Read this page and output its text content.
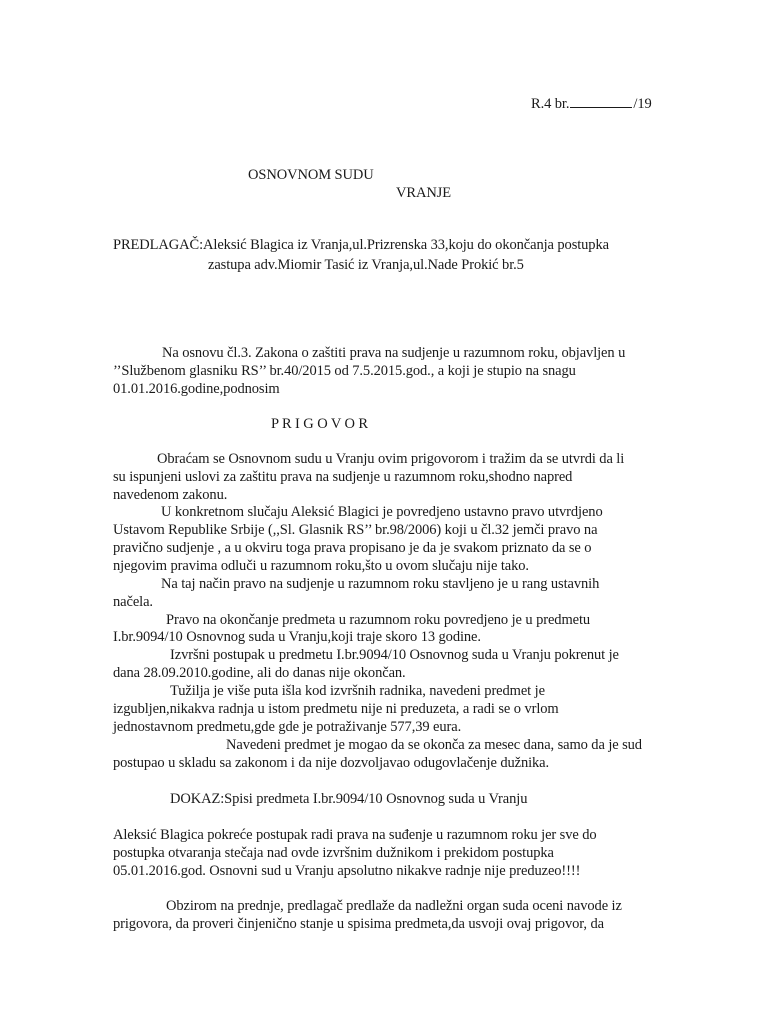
R.4 br.	/19
OSNOVNOM SUDU
VRANJE
PREDLAGAČ:Aleksić Blagica iz Vranja,ul.Prizrenska 33,koju do okončanja postupka
zastupa adv.Miomir Tasić iz Vranja,ul.Nade Prokić br.5
Na osnovu čl.3. Zakona o zaštiti prava na sudjenje u razumnom roku, objavljen u
’’Službenom glasniku RS’’ br.40/2015 od 7.5.2015.god., a koji je stupio na snagu
01.01.2016.godine,podnosim
P R I G O V O R
Obraćam se Osnovnom sudu u Vranju ovim prigovorom i tražim da se utvrdi da li
su ispunjeni uslovi za zaštitu prava na sudjenje u razumnom roku,shodno napred
navedenom zakonu.
U konkretnom slučaju Aleksić Blagici je povredjeno ustavno pravo utvrdjeno
Ustavom Republike Srbije (,,Sl. Glasnik RS’’ br.98/2006) koji u čl.32 jemči pravo na
pravično sudjenje , a u okviru toga prava propisano je da je svakom priznato da se o
njegovim pravima odluči u razumnom roku,što u ovom slučaju nije tako.
Na taj način pravo na sudjenje u razumnom roku stavljeno je u rang ustavnih
načela.
Pravo na okončanje predmeta u razumnom roku povredjeno je u predmetu
I.br.9094/10 Osnovnog suda u Vranju,koji traje skoro 13 godine.
Izvršni postupak u predmetu I.br.9094/10 Osnovnog suda u Vranju pokrenut je
dana 28.09.2010.godine, ali do danas nije okončan.
Tužilja je više puta išla kod izvršnih radnika, navedeni predmet je
izgubljen,nikakva radnja u istom predmetu nije ni preduzeta, a radi se o vrlom
jednostavnom predmetu,gde gde je potraživanje 577,39 eura.
Navedeni predmet je mogao da se okonča za mesec dana, samo da je sud
postupao u skladu sa zakonom i da nije dozvoljavao odugovlačenje dužnika.
DOKAZ:Spisi predmeta I.br.9094/10 Osnovnog suda u Vranju
Aleksić Blagica pokreće postupak radi prava na suđenje u razumnom roku jer sve do
postupka otvaranja stečaja nad ovde izvršnim dužnikom i prekidom postupka
05.01.2016.god. Osnovni sud u Vranju apsolutno nikakve radnje nije preduzeo!!!!
Obzirom na prednje, predlagač predlaže da nadležni organ suda oceni navode iz
prigovora, da proveri činjenično stanje u spisima predmeta,da usvoji ovaj prigovor, da
